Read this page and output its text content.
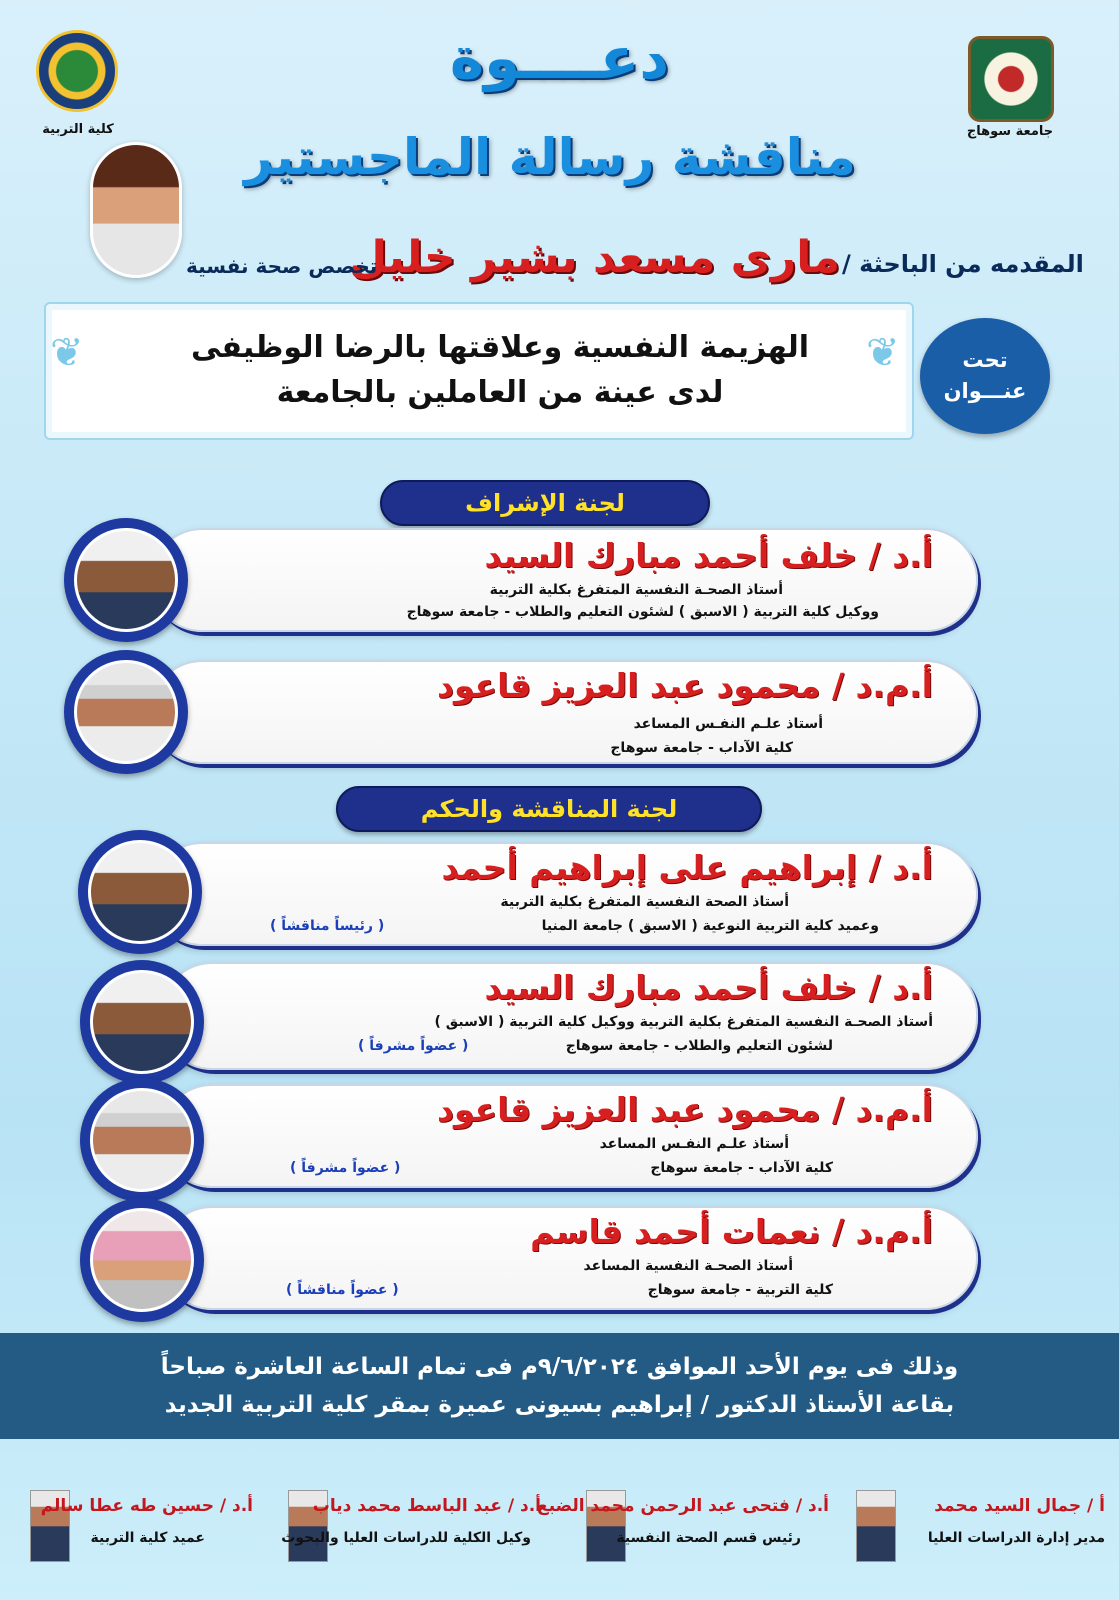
كلية التربية	جامعة سوهاج
دعــــوة
مناقشة رسالة الماجستير
المقدمه من الباحثة /
مارى مسعد بشير خليل
تخصص صحة نفسية
❦	❦
الهزيمة النفسية وعلاقتها بالرضا الوظيفى
لدى عينة من العاملين بالجامعة
تحت
عنـــوان
لجنة الإشراف
أ.د / خلف أحمد مبارك السيد
أستاذ الصحـة النفسية المتفرغ بكلية التربية
ووكيل كلية التربية ( الاسبق ) لشئون التعليم والطلاب - جامعة سوهاج
أ.م.د / محمود عبد العزيز قاعود
أستاذ علـم النفـس المساعد
كلية الآداب - جامعة سوهاج
لجنة المناقشة والحكم
أ.د / إبراهيم على إبراهيم أحمد
أستاذ الصحة النفسية المتفرغ بكلية التربية
وعميد كلية التربية النوعية ( الاسبق ) جامعة المنيا
( رئيساً مناقشاً )
أ.د / خلف أحمد مبارك السيد
أستاذ الصحـة النفسية المتفرغ بكلية التربية ووكيل كلية التربية ( الاسبق )
لشئون التعليم والطلاب - جامعة سوهاج
( عضواً مشرفاً )
أ.م.د / محمود عبد العزيز قاعود
أستاذ علـم النفـس المساعد
كلية الآداب - جامعة سوهاج
( عضواً مشرفاً )
أ.م.د / نعمات أحمد قاسم
أستاذ الصحـة النفسية المساعد
كلية التربية - جامعة سوهاج
( عضواً مناقشاً )
وذلك فى يوم الأحد الموافق ٩/٦/٢٠٢٤م فى تمام الساعة العاشرة صباحاً
بقاعة الأستاذ الدكتور / إبراهيم بسيونى عميرة بمقر كلية التربية الجديد
أ / جمال السيد محمد
مدير إدارة الدراسات العليا
أ.د / فتحى عبد الرحمن محمد الضبع
رئيس قسم الصحة النفسية
أ.د / عبد الباسط محمد دياب
وكيل الكلية للدراسات العليا والبحوث
أ.د / حسين طه عطا سالم
عميد كلية التربية
